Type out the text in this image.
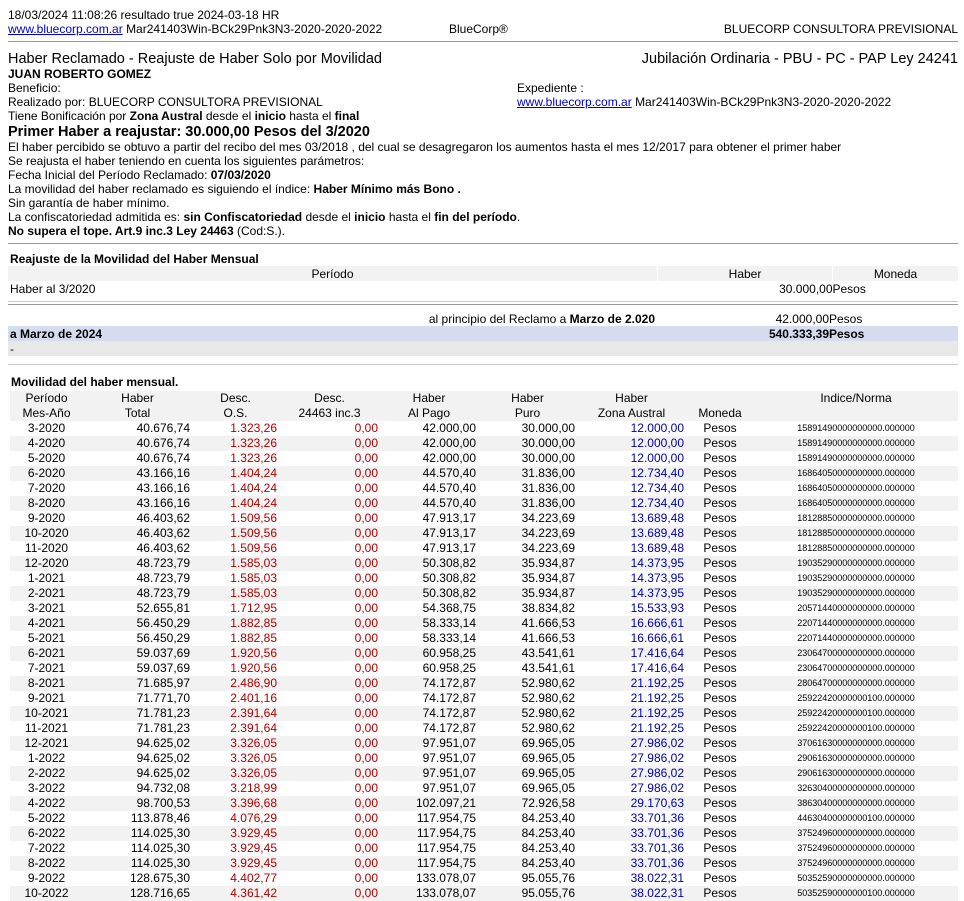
18/03/2024 11:08:26 resultado true 2024-03-18 HR
www.bluecorp.com.ar Mar241403Win-BCk29Pnk3N3-2020-2020-2022	BlueCorp®	BLUECORP CONSULTORA PREVISIONAL
Haber Reclamado - Reajuste de Haber Solo por Movilidad	Jubilación Ordinaria - PBU - PC - PAP Ley 24241
JUAN ROBERTO GOMEZ
Beneficio:	Expediente :
Realizado por: BLUECORP CONSULTORA PREVISIONAL	www.bluecorp.com.ar Mar241403Win-BCk29Pnk3N3-2020-2020-2022
Tiene Bonificación por Zona Austral desde el inicio hasta el final
Primer Haber a reajustar: 30.000,00 Pesos del 3/2020
El haber percibido se obtuvo a partir del recibo del mes 03/2018 , del cual se desagregaron los aumentos hasta el mes 12/2017 para obtener el primer haber
Se reajusta el haber teniendo en cuenta los siguientes parámetros:
Fecha Inicial del Período Reclamado: 07/03/2020
La movilidad del haber reclamado es siguiendo el índice: Haber Mínimo más Bono .
Sin garantía de haber mínimo.
La confiscatoriedad admitida es: sin Confiscatoriedad desde el inicio hasta el fin del período.
No supera el tope. Art.9 inc.3 Ley 24463 (Cod:S.).
Reajuste de la Movilidad del Haber Mensual
Período	Haber	Moneda
Haber al 3/2020	30.000,00	Pesos
al principio del Reclamo a Marzo de 2.020	42.000,00	Pesos
a Marzo de 2024	540.333,39	Pesos
-		
Movilidad del haber mensual.
Período	Haber	Desc.	Desc.	Haber	Haber	Haber		Indice/Norma
Mes-Año	Total	O.S.	24463 inc.3	Al Pago	Puro	Zona Austral	Moneda	
3-2020	40.676,74	1.323,26	0,00	42.000,00	30.000,00	12.000,00	Pesos	15891490000000000.000000
4-2020	40.676,74	1.323,26	0,00	42.000,00	30.000,00	12.000,00	Pesos	15891490000000000.000000
5-2020	40.676,74	1.323,26	0,00	42.000,00	30.000,00	12.000,00	Pesos	15891490000000000.000000
6-2020	43.166,16	1.404,24	0,00	44.570,40	31.836,00	12.734,40	Pesos	16864050000000000.000000
7-2020	43.166,16	1.404,24	0,00	44.570,40	31.836,00	12.734,40	Pesos	16864050000000000.000000
8-2020	43.166,16	1.404,24	0,00	44.570,40	31.836,00	12.734,40	Pesos	16864050000000000.000000
9-2020	46.403,62	1.509,56	0,00	47.913,17	34.223,69	13.689,48	Pesos	18128850000000000.000000
10-2020	46.403,62	1.509,56	0,00	47.913,17	34.223,69	13.689,48	Pesos	18128850000000000.000000
11-2020	46.403,62	1.509,56	0,00	47.913,17	34.223,69	13.689,48	Pesos	18128850000000000.000000
12-2020	48.723,79	1.585,03	0,00	50.308,82	35.934,87	14.373,95	Pesos	19035290000000000.000000
1-2021	48.723,79	1.585,03	0,00	50.308,82	35.934,87	14.373,95	Pesos	19035290000000000.000000
2-2021	48.723,79	1.585,03	0,00	50.308,82	35.934,87	14.373,95	Pesos	19035290000000000.000000
3-2021	52.655,81	1.712,95	0,00	54.368,75	38.834,82	15.533,93	Pesos	20571440000000000.000000
4-2021	56.450,29	1.882,85	0,00	58.333,14	41.666,53	16.666,61	Pesos	22071440000000000.000000
5-2021	56.450,29	1.882,85	0,00	58.333,14	41.666,53	16.666,61	Pesos	22071440000000000.000000
6-2021	59.037,69	1.920,56	0,00	60.958,25	43.541,61	17.416,64	Pesos	23064700000000000.000000
7-2021	59.037,69	1.920,56	0,00	60.958,25	43.541,61	17.416,64	Pesos	23064700000000000.000000
8-2021	71.685,97	2.486,90	0,00	74.172,87	52.980,62	21.192,25	Pesos	28064700000000000.000000
9-2021	71.771,70	2.401,16	0,00	74.172,87	52.980,62	21.192,25	Pesos	25922420000000100.000000
10-2021	71.781,23	2.391,64	0,00	74.172,87	52.980,62	21.192,25	Pesos	25922420000000100.000000
11-2021	71.781,23	2.391,64	0,00	74.172,87	52.980,62	21.192,25	Pesos	25922420000000100.000000
12-2021	94.625,02	3.326,05	0,00	97.951,07	69.965,05	27.986,02	Pesos	37061630000000000.000000
1-2022	94.625,02	3.326,05	0,00	97.951,07	69.965,05	27.986,02	Pesos	29061630000000000.000000
2-2022	94.625,02	3.326,05	0,00	97.951,07	69.965,05	27.986,02	Pesos	29061630000000000.000000
3-2022	94.732,08	3.218,99	0,00	97.951,07	69.965,05	27.986,02	Pesos	32630400000000000.000000
4-2022	98.700,53	3.396,68	0,00	102.097,21	72.926,58	29.170,63	Pesos	38630400000000000.000000
5-2022	113.878,46	4.076,29	0,00	117.954,75	84.253,40	33.701,36	Pesos	44630400000000100.000000
6-2022	114.025,30	3.929,45	0,00	117.954,75	84.253,40	33.701,36	Pesos	37524960000000000.000000
7-2022	114.025,30	3.929,45	0,00	117.954,75	84.253,40	33.701,36	Pesos	37524960000000000.000000
8-2022	114.025,30	3.929,45	0,00	117.954,75	84.253,40	33.701,36	Pesos	37524960000000000.000000
9-2022	128.675,30	4.402,77	0,00	133.078,07	95.055,76	38.022,31	Pesos	50352590000000000.000000
10-2022	128.716,65	4.361,42	0,00	133.078,07	95.055,76	38.022,31	Pesos	50352590000000100.000000
